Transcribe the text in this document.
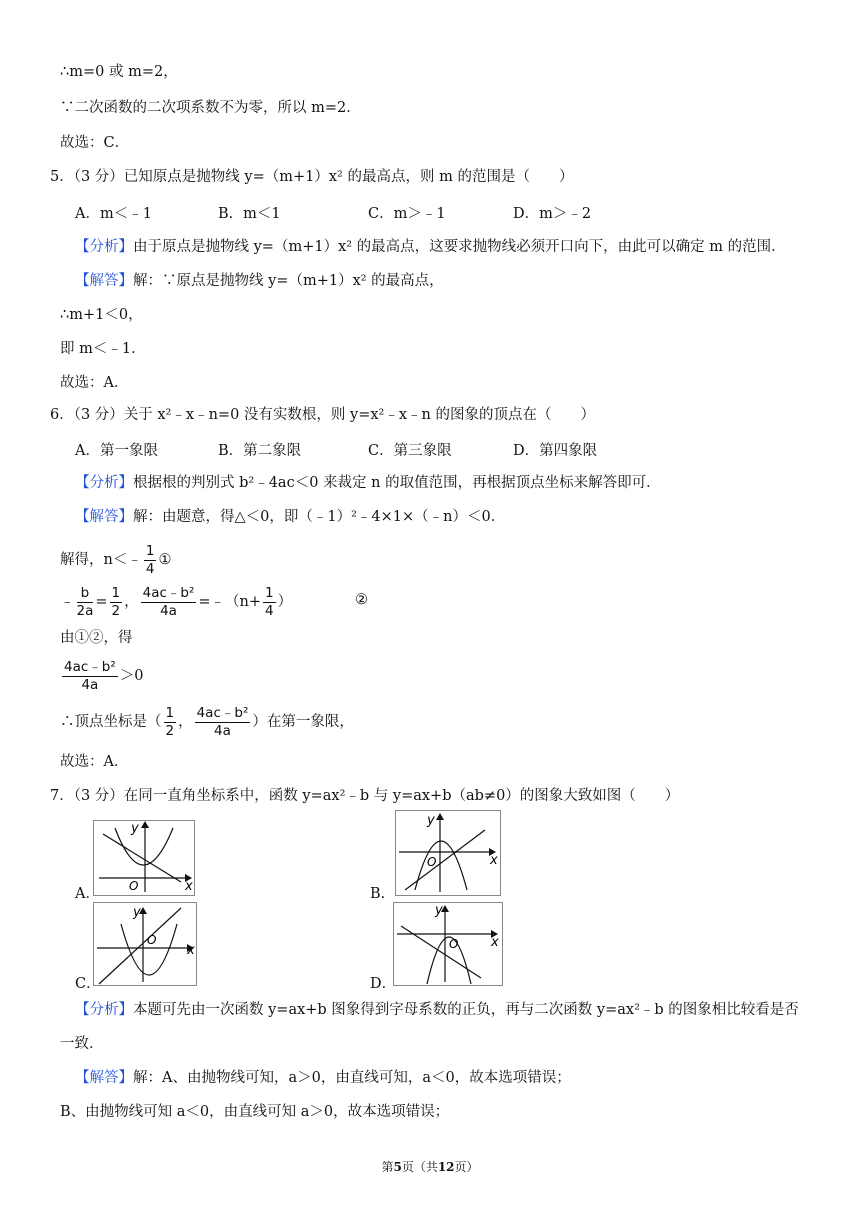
∴m=0 或 m=2，
∵二次函数的二次项系数不为零，所以 m=2．
故选：C．
5．（3 分）已知原点是抛物线 y=（m+1）x² 的最高点，则 m 的范围是（　　）
A．m＜﹣1	B．m＜1	C．m＞﹣1	D．m＞﹣2
【分析】由于原点是抛物线 y=（m+1）x² 的最高点，这要求抛物线必须开口向下，由此可以确定 m 的范围．
【解答】解：∵原点是抛物线 y=（m+1）x² 的最高点，
∴m+1＜0，
即 m＜﹣1．
故选：A．
6．（3 分）关于 x²﹣x﹣n=0 没有实数根，则 y=x²﹣x﹣n 的图象的顶点在（　　）
A．第一象限	B．第二象限	C．第三象限	D．第四象限
【分析】根据根的判别式 b²﹣4ac＜0 来裁定 n 的取值范围，再根据顶点坐标来解答即可．
【解答】解：由题意，得△＜0，即（﹣1）²﹣4×1×（﹣n）＜0．
解得，n＜﹣ $\frac{1}{4}$ ①
﹣ $\frac{b}{2a} = \frac{1}{2}$ ， $\frac{\text{4ac﹣b²}}{4a}$ =﹣（n+ $\frac{1}{4}$ ）	②
由①②，得
$\frac{\text{4ac﹣b²}}{4a} >0$
∴顶点坐标是（ $\frac{1}{2}$ ， $\frac{\text{4ac﹣b²}}{4a}$ ）在第一象限，
故选：A．
7．（3 分）在同一直角坐标系中，函数 y=ax²﹣b 与 y=ax+b（ab≠0）的图象大致如图（　　）
A．
y
x
O	B．
y
x
O
C．
y
x
O
D．
y
x
O
【分析】本题可先由一次函数 y=ax+b 图象得到字母系数的正负，再与二次函数 y=ax²﹣b 的图象相比较看是否
一致．
【解答】解：A、由抛物线可知，a＞0，由直线可知，a＜0，故本选项错误；
B、由抛物线可知 a＜0，由直线可知 a＞0，故本选项错误；
第5页（共12页）
